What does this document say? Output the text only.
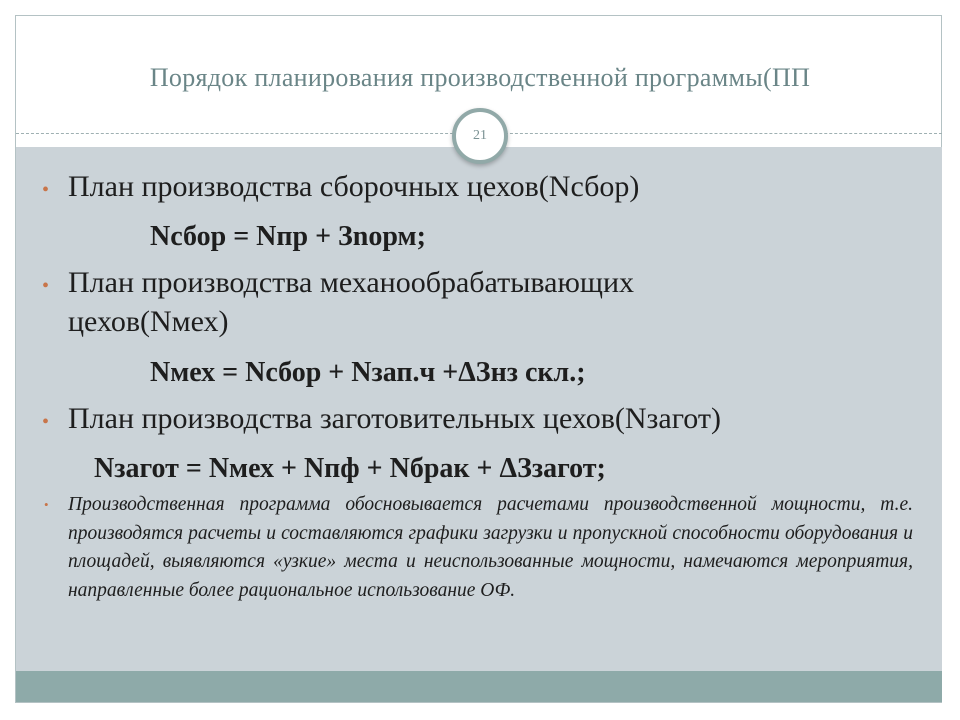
Порядок планирования производственной программы(ПП
21
• План производства сборочных цехов(Nсбор)
Nсбор = Nпр + Зnорм;
• План производства механообрабатывающих
цехов(Nмех)
Nмех = Nсбор + Nзап.ч +ΔЗнз скл.;
• План производства заготовительных цехов(Nзагот)
Nзагот = Nмех + Nпф + Nбрак + ΔЗзагот;
• Производственная программа обосновывается расчетами производственной мощности, т.е. производятся расчеты и составляются графики загрузки и пропускной способности оборудования и площадей, выявляются «узкие» места и неиспользованные мощности, намечаются мероприятия, направленные более рациональное использование ОФ.
